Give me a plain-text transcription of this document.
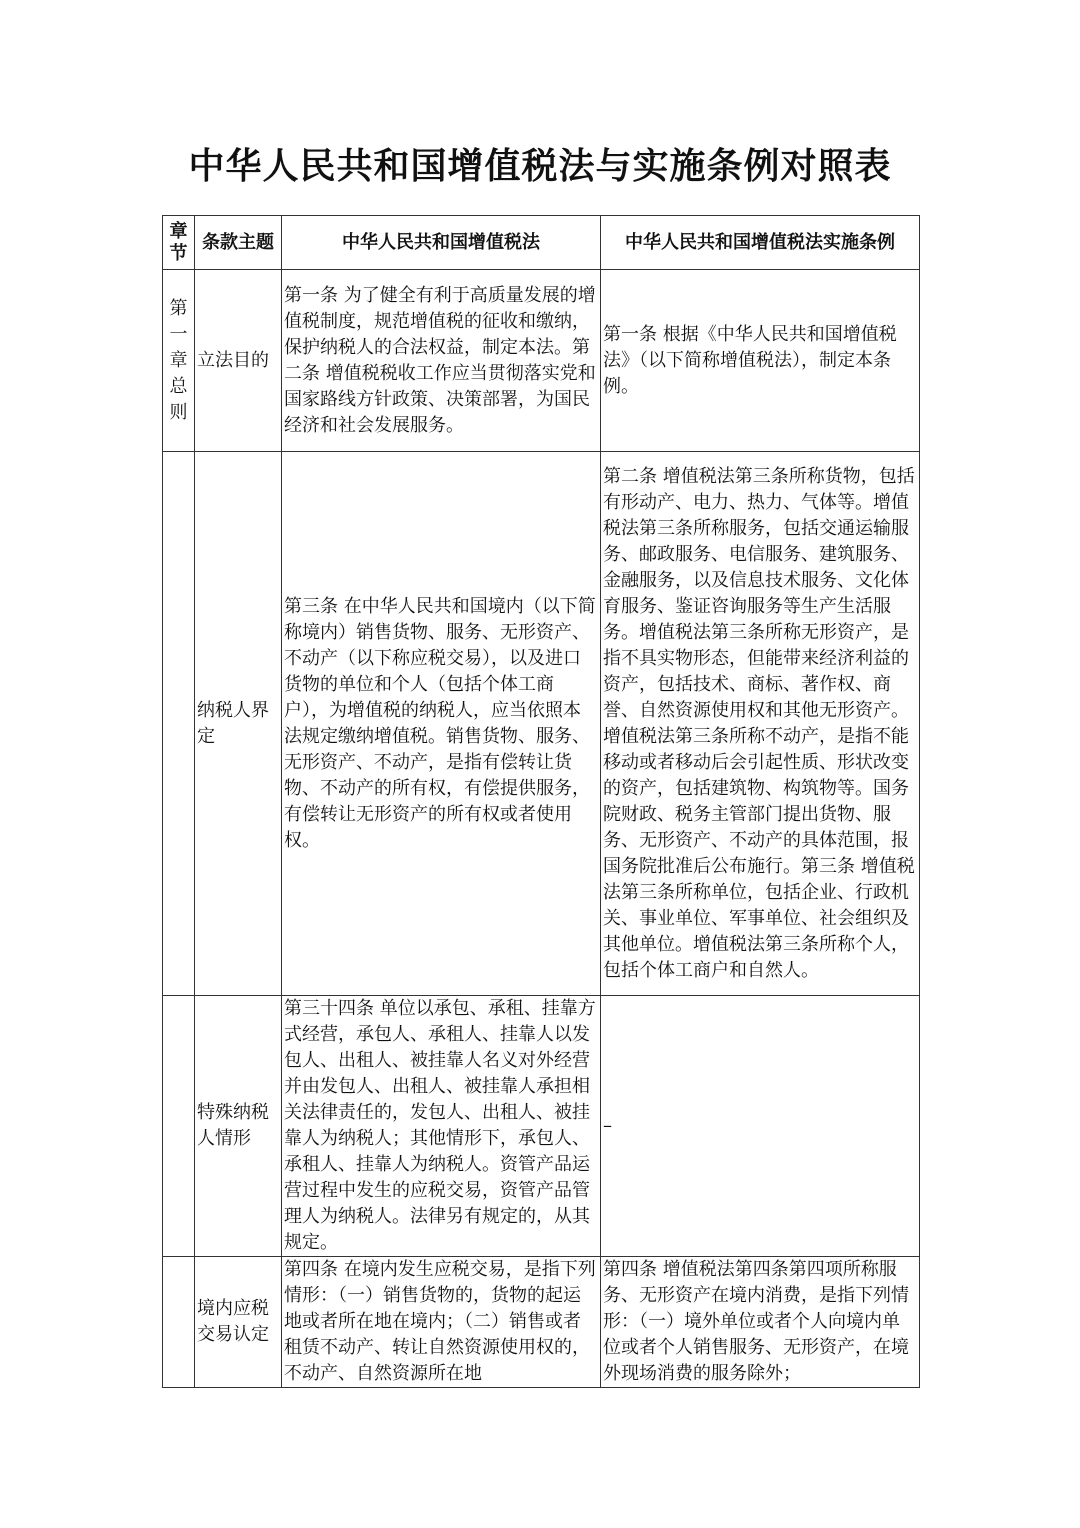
中华人民共和国增值税法与实施条例对照表
章节	条款主题	中华人民共和国增值税法	中华人民共和国增值税法实施条例
第一章总则	立法目的	第一条 为了健全有利于高质量发展的增值税制度，规范增值税的征收和缴纳，保护纳税人的合法权益，制定本法。第二条 增值税税收工作应当贯彻落实党和国家路线方针政策、决策部署，为国民经济和社会发展服务。	第一条 根据《中华人民共和国增值税法》（以下简称增值税法），制定本条例。
	纳税人界定	第三条 在中华人民共和国境内（以下简称境内）销售货物、服务、无形资产、不动产（以下称应税交易），以及进口货物的单位和个人（包括个体工商户），为增值税的纳税人，应当依照本法规定缴纳增值税。销售货物、服务、无形资产、不动产，是指有偿转让货物、不动产的所有权，有偿提供服务，有偿转让无形资产的所有权或者使用权。	第二条 增值税法第三条所称货物，包括有形动产、电力、热力、气体等。增值税法第三条所称服务，包括交通运输服务、邮政服务、电信服务、建筑服务、金融服务，以及信息技术服务、文化体育服务、鉴证咨询服务等生产生活服务。增值税法第三条所称无形资产，是指不具实物形态，但能带来经济利益的资产，包括技术、商标、著作权、商誉、自然资源使用权和其他无形资产。增值税法第三条所称不动产，是指不能移动或者移动后会引起性质、形状改变的资产，包括建筑物、构筑物等。国务院财政、税务主管部门提出货物、服务、无形资产、不动产的具体范围，报国务院批准后公布施行。第三条 增值税法第三条所称单位，包括企业、行政机关、事业单位、军事单位、社会组织及其他单位。增值税法第三条所称个人，包括个体工商户和自然人。
	特殊纳税人情形	第三十四条 单位以承包、承租、挂靠方式经营，承包人、承租人、挂靠人以发包人、出租人、被挂靠人名义对外经营并由发包人、出租人、被挂靠人承担相关法律责任的，发包人、出租人、被挂靠人为纳税人；其他情形下，承包人、承租人、挂靠人为纳税人。资管产品运营过程中发生的应税交易，资管产品管理人为纳税人。法律另有规定的，从其规定。	–
	境内应税交易认定	第四条 在境内发生应税交易，是指下列情形：（一）销售货物的，货物的起运地或者所在地在境内；（二）销售或者租赁不动产、转让自然资源使用权的，不动产、自然资源所在地	第四条 增值税法第四条第四项所称服务、无形资产在境内消费，是指下列情形：（一）境外单位或者个人向境内单位或者个人销售服务、无形资产，在境外现场消费的服务除外；
